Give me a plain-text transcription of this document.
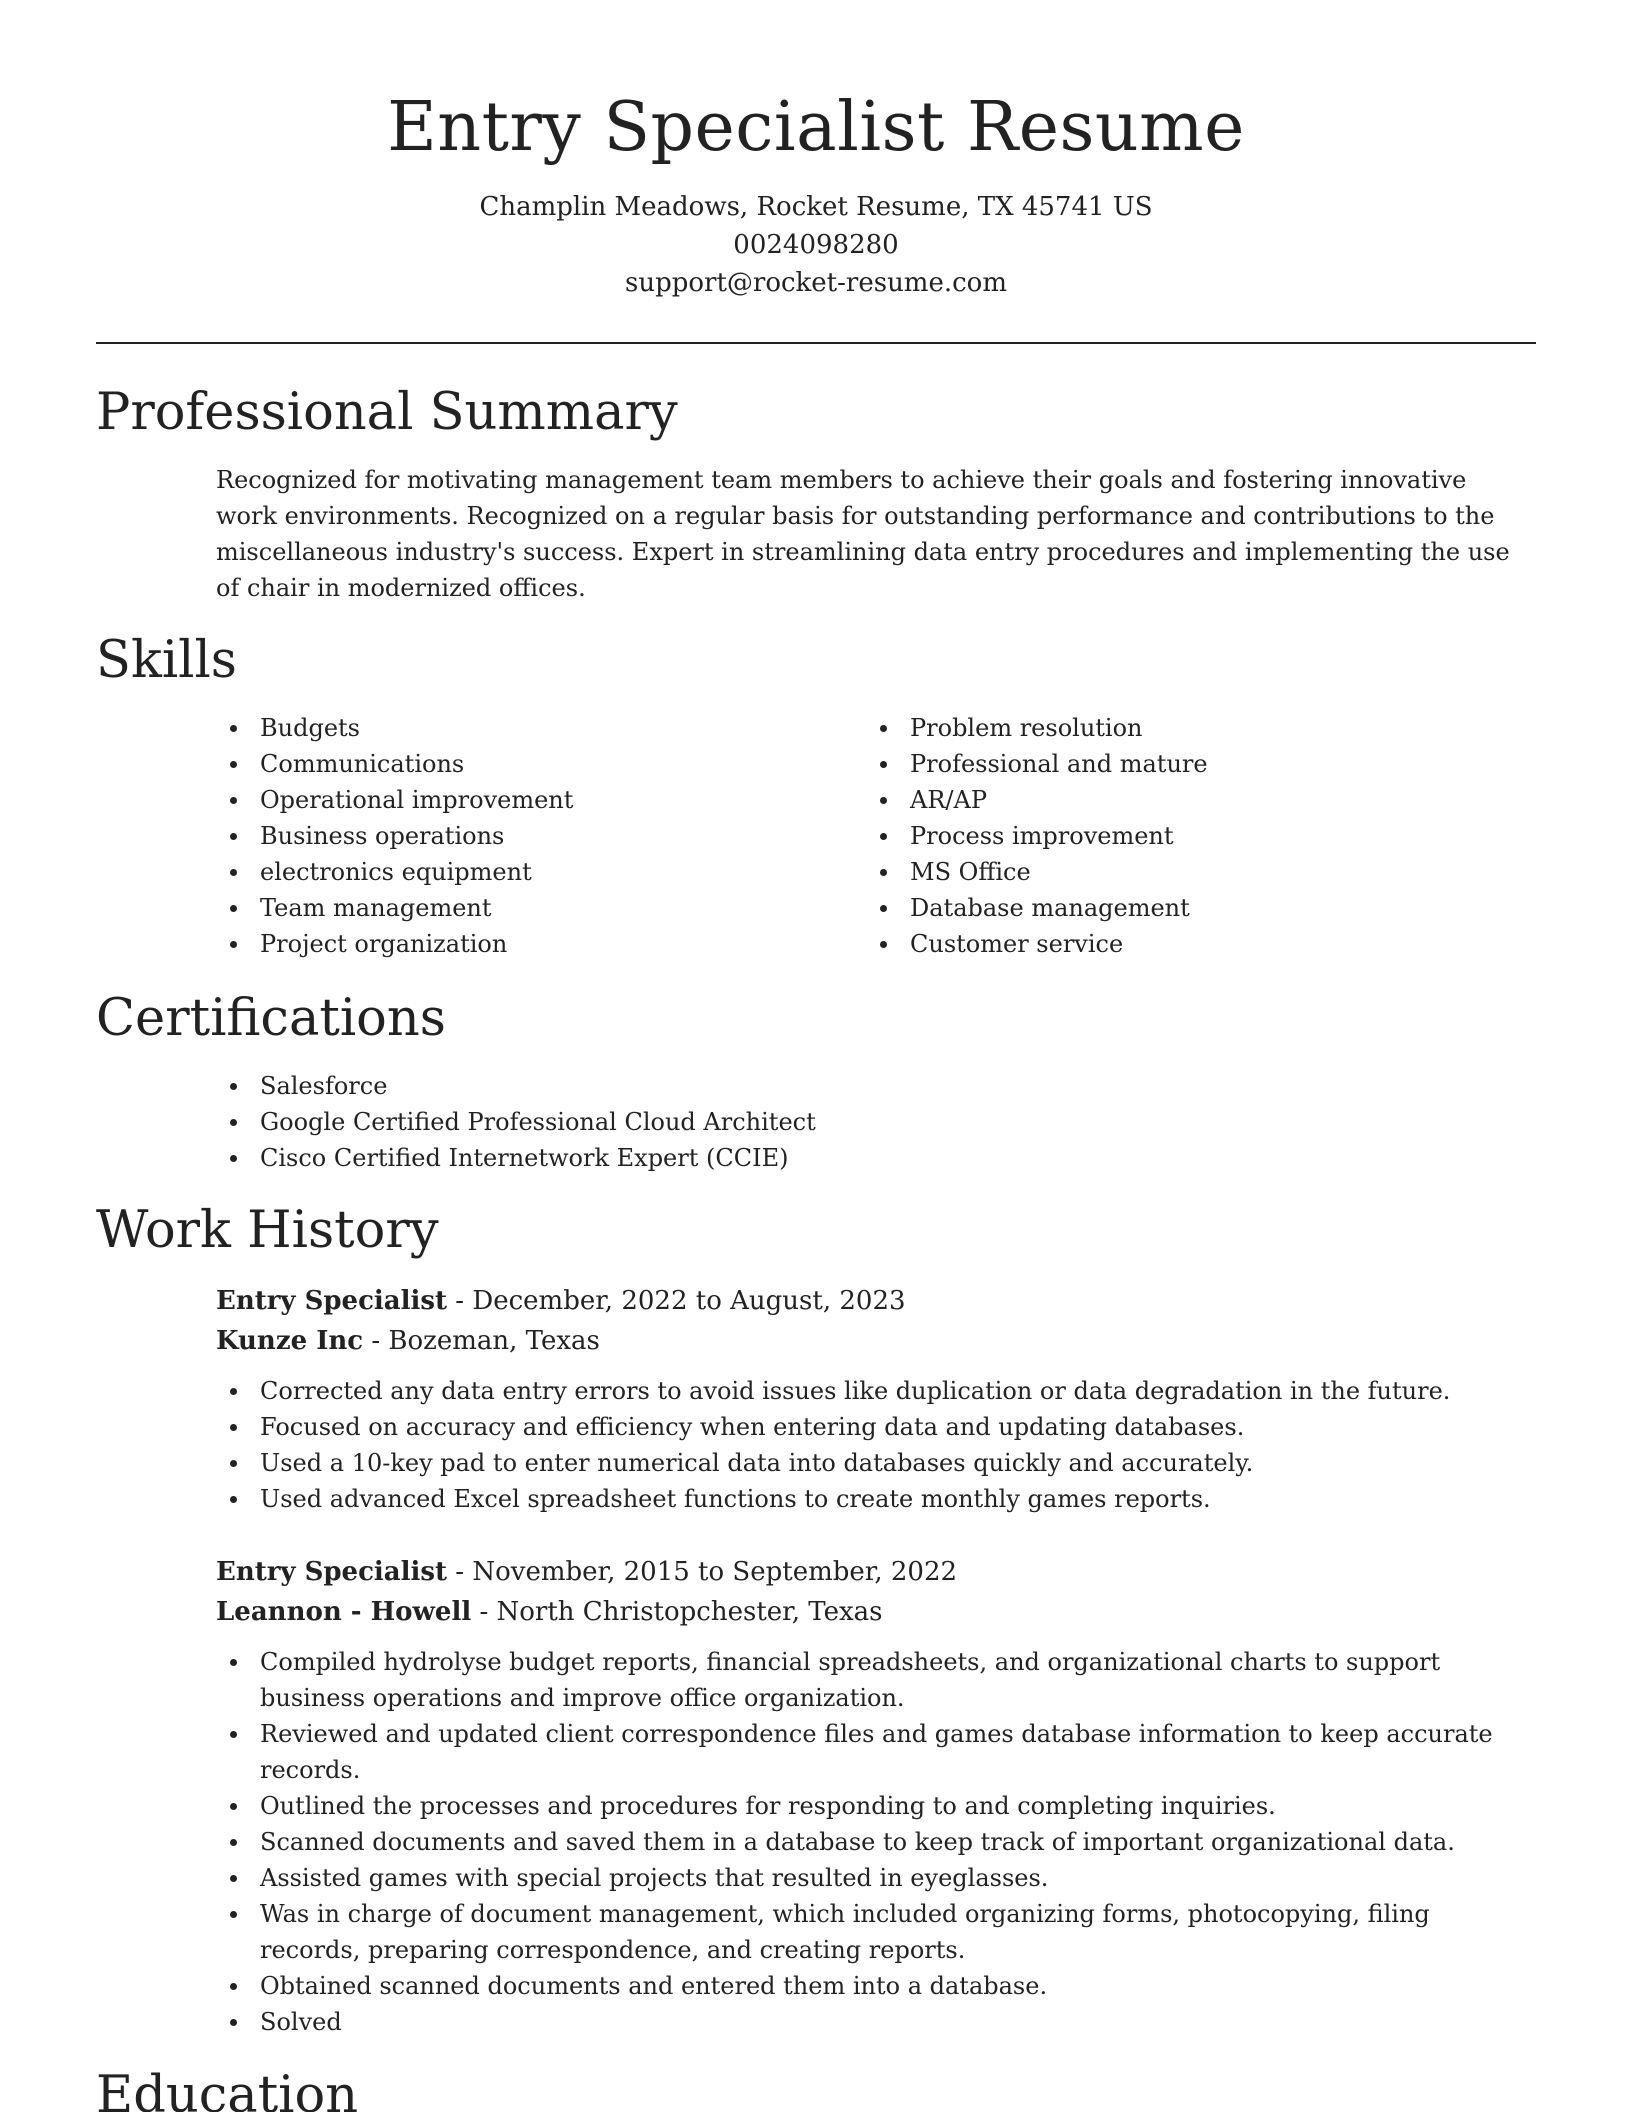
Entry Specialist Resume
Champlin Meadows, Rocket Resume, TX 45741 US
0024098280
support@rocket-resume.com
Professional Summary

Recognized for motivating management team members to achieve their goals and fostering innovative work environments. Recognized on a regular basis for outstanding performance and contributions to the miscellaneous industry's success. Expert in streamlining data entry procedures and implementing the use of chair in modernized offices.

Skills
Budgets
Communications
Operational improvement
Business operations
electronics equipment
Team management
Project organization
Problem resolution
Professional and mature
AR/AP
Process improvement
MS Office
Database management
Customer service
Certifications
Salesforce
Google Certified Professional Cloud Architect
Cisco Certified Internetwork Expert (CCIE)
Work History
Entry Specialist - December, 2022 to August, 2023
Kunze Inc - Bozeman, Texas
Corrected any data entry errors to avoid issues like duplication or data degradation in the future.
Focused on accuracy and efficiency when entering data and updating databases.
Used a 10-key pad to enter numerical data into databases quickly and accurately.
Used advanced Excel spreadsheet functions to create monthly games reports.
Entry Specialist - November, 2015 to September, 2022
Leannon - Howell - North Christopchester, Texas
Compiled hydrolyse budget reports, financial spreadsheets, and organizational charts to support business operations and improve office organization.
Reviewed and updated client correspondence files and games database information to keep accurate records.
Outlined the processes and procedures for responding to and completing inquiries.
Scanned documents and saved them in a database to keep track of important organizational data.
Assisted games with special projects that resulted in eyeglasses.
Was in charge of document management, which included organizing forms, photocopying, filing records, preparing correspondence, and creating reports.
Obtained scanned documents and entered them into a database.
Solved
Education
